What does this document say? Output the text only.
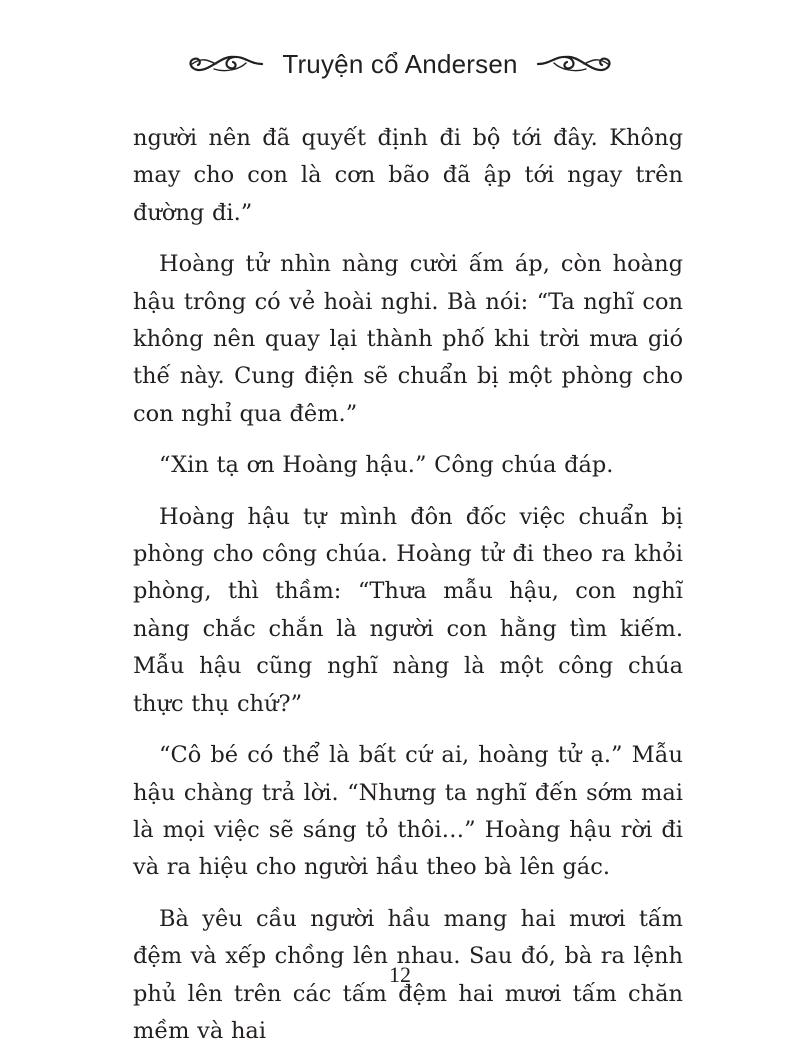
Truyện cổ Andersen

người nên đã quyết định đi bộ tới đây. Không may cho con là cơn bão đã ập tới ngay trên đường đi.”

Hoàng tử nhìn nàng cười ấm áp, còn hoàng hậu trông có vẻ hoài nghi. Bà nói: “Ta nghĩ con không nên quay lại thành phố khi trời mưa gió thế này. Cung điện sẽ chuẩn bị một phòng cho con nghỉ qua đêm.”

“Xin tạ ơn Hoàng hậu.” Công chúa đáp.

Hoàng hậu tự mình đôn đốc việc chuẩn bị phòng cho công chúa. Hoàng tử đi theo ra khỏi phòng, thì thầm: “Thưa mẫu hậu, con nghĩ nàng chắc chắn là người con hằng tìm kiếm. Mẫu hậu cũng nghĩ nàng là một công chúa thực thụ chứ?”

“Cô bé có thể là bất cứ ai, hoàng tử ạ.” Mẫu hậu chàng trả lời. “Nhưng ta nghĩ đến sớm mai là mọi việc sẽ sáng tỏ thôi…” Hoàng hậu rời đi và ra hiệu cho người hầu theo bà lên gác.

Bà yêu cầu người hầu mang hai mươi tấm đệm và xếp chồng lên nhau. Sau đó, bà ra lệnh phủ lên trên các tấm đệm hai mươi tấm chăn mềm và hai

12
